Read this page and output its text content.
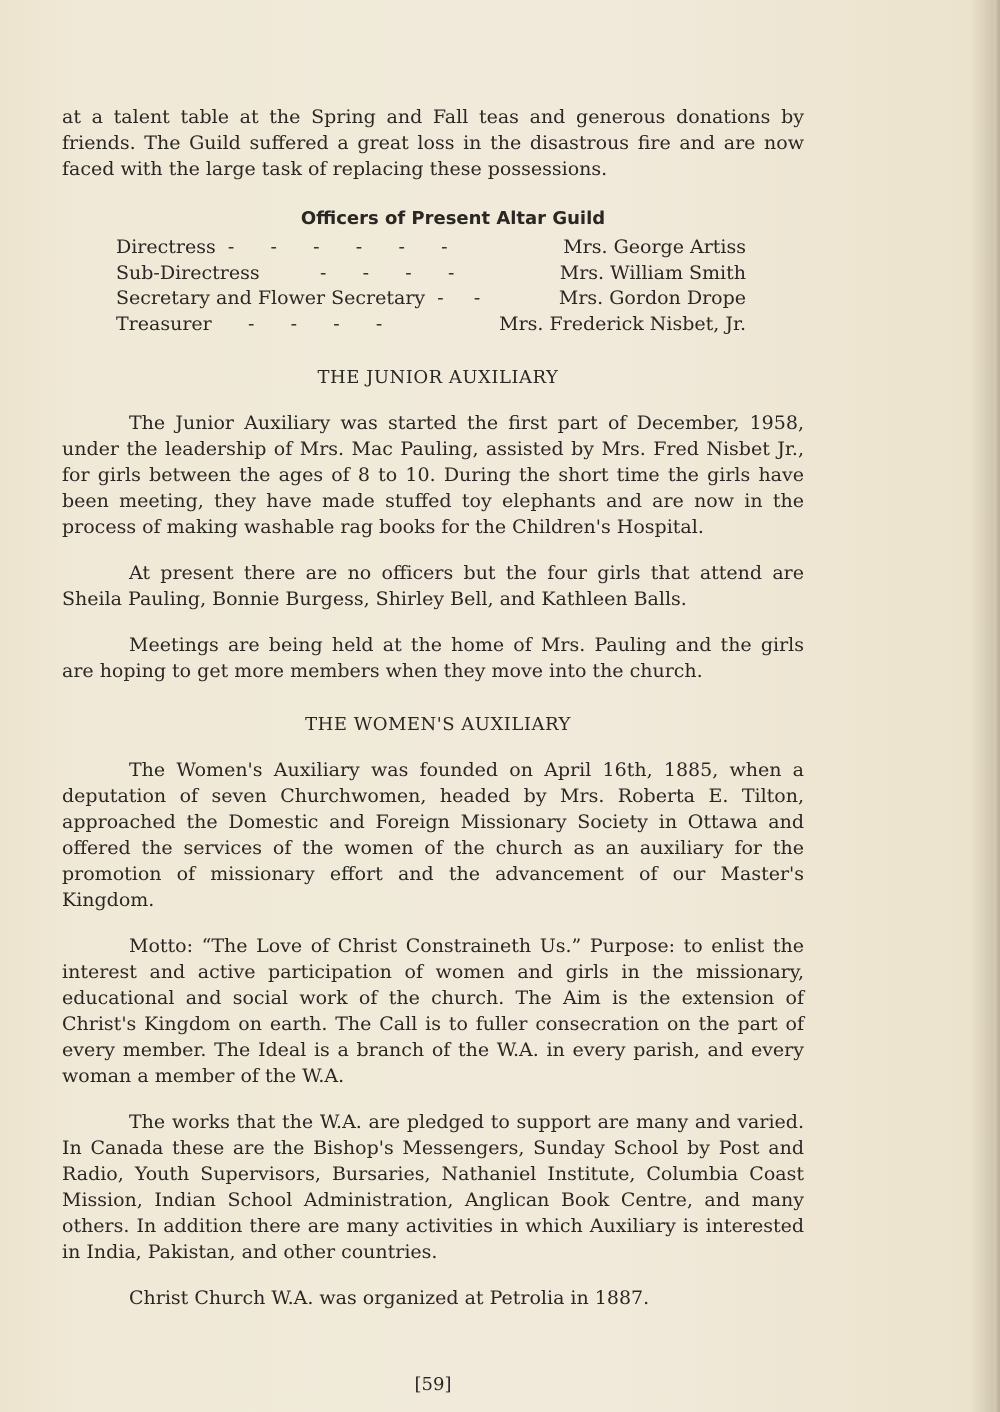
at a talent table at the Spring and Fall teas and generous donations by friends. The Guild suffered a great loss in the disastrous fire and are now faced with the large task of replacing these possessions.

Officers of Present Altar Guild
Directress  -      -      -      -      -      -	Mrs. George Artiss
Sub-Directress          -      -      -      -	Mrs. William Smith
Secretary and Flower Secretary  -     -	Mrs. Gordon Drope
Treasurer      -      -      -      -	Mrs. Frederick Nisbet, Jr.
THE JUNIOR AUXILIARY

The Junior Auxiliary was started the first part of December, 1958, under the leadership of Mrs. Mac Pauling, assisted by Mrs. Fred Nisbet Jr., for girls between the ages of 8 to 10. During the short time the girls have been meeting, they have made stuffed toy elephants and are now in the process of making washable rag books for the Children's Hospital.

At present there are no officers but the four girls that attend are Sheila Pauling, Bonnie Burgess, Shirley Bell, and Kathleen Balls.

Meetings are being held at the home of Mrs. Pauling and the girls are hoping to get more members when they move into the church.

THE WOMEN'S AUXILIARY

The Women's Auxiliary was founded on April 16th, 1885, when a deputation of seven Churchwomen, headed by Mrs. Roberta E. Tilton, approached the Domestic and Foreign Missionary Society in Ottawa and offered the services of the women of the church as an auxiliary for the promotion of missionary effort and the advancement of our Master's Kingdom.

Motto: “The Love of Christ Constraineth Us.” Purpose: to enlist the interest and active participation of women and girls in the missionary, educational and social work of the church. The Aim is the extension of Christ's Kingdom on earth. The Call is to fuller consecration on the part of every member. The Ideal is a branch of the W.A. in every parish, and every woman a member of the W.A.

The works that the W.A. are pledged to support are many and varied. In Canada these are the Bishop's Messengers, Sunday School by Post and Radio, Youth Supervisors, Bursaries, Nathaniel Institute, Columbia Coast Mission, Indian School Administration, Anglican Book Centre, and many others. In addition there are many activities in which Auxiliary is interested in India, Pakistan, and other countries.

Christ Church W.A. was organized at Petrolia in 1887.

[59]
